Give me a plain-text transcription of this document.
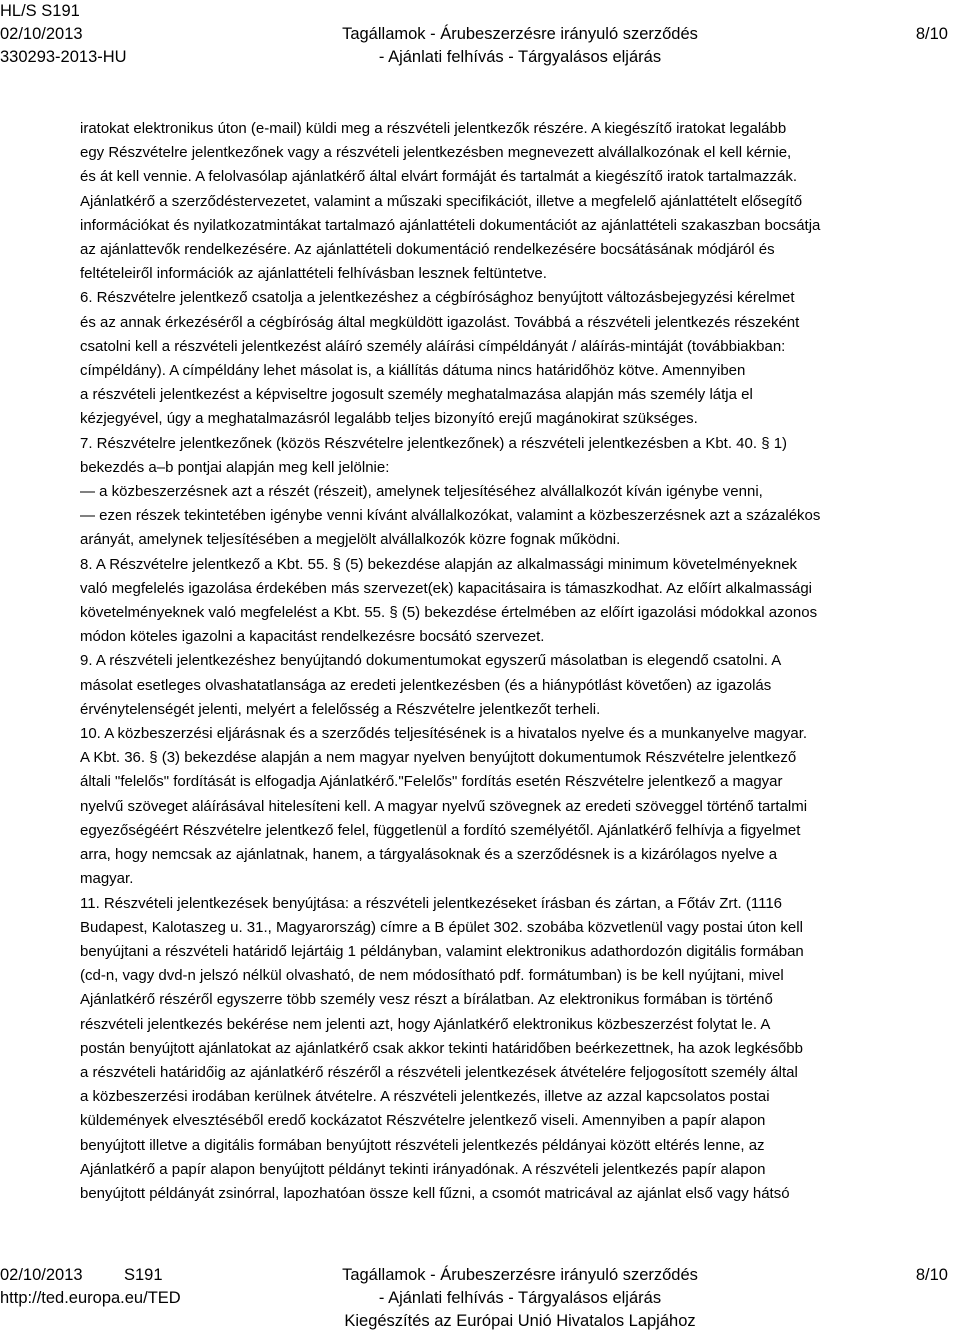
HL/S S191
02/10/2013
330293-2013-HU
Tagállamok - Árubeszerzésre irányuló szerződés
- Ajánlati felhívás - Tárgyalásos eljárás
8/10
iratokat elektronikus úton (e-mail) küldi meg a részvételi jelentkezők részére. A kiegészítő iratokat legalább
egy Részvételre jelentkezőnek vagy a részvételi jelentkezésben megnevezett alvállalkozónak el kell kérnie,
és át kell vennie. A felolvasólap ajánlatkérő által elvárt formáját és tartalmát a kiegészítő iratok tartalmazzák.
Ajánlatkérő a szerződéstervezetet, valamint a műszaki specifikációt, illetve a megfelelő ajánlattételt elősegítő
információkat és nyilatkozatmintákat tartalmazó ajánlattételi dokumentációt az ajánlattételi szakaszban bocsátja
az ajánlattevők rendelkezésére. Az ajánlattételi dokumentáció rendelkezésére bocsátásának módjáról és
feltételeiről információk az ajánlattételi felhívásban lesznek feltüntetve.
6. Részvételre jelentkező csatolja a jelentkezéshez a cégbírósághoz benyújtott változásbejegyzési kérelmet
és az annak érkezéséről a cégbíróság által megküldött igazolást. Továbbá a részvételi jelentkezés részeként
csatolni kell a részvételi jelentkezést aláíró személy aláírási címpéldányát / aláírás-mintáját (továbbiakban:
címpéldány). A címpéldány lehet másolat is, a kiállítás dátuma nincs határidőhöz kötve. Amennyiben
a részvételi jelentkezést a képviseltre jogosult személy meghatalmazása alapján más személy látja el
kézjegyével, úgy a meghatalmazásról legalább teljes bizonyító erejű magánokirat szükséges.
7. Részvételre jelentkezőnek (közös Részvételre jelentkezőnek) a részvételi jelentkezésben a Kbt. 40. § 1)
bekezdés a–b pontjai alapján meg kell jelölnie:
— a közbeszerzésnek azt a részét (részeit), amelynek teljesítéséhez alvállalkozót kíván igénybe venni,
— ezen részek tekintetében igénybe venni kívánt alvállalkozókat, valamint a közbeszerzésnek azt a százalékos
arányát, amelynek teljesítésében a megjelölt alvállalkozók közre fognak működni.
8. A Részvételre jelentkező a Kbt. 55. § (5) bekezdése alapján az alkalmassági minimum követelményeknek
való megfelelés igazolása érdekében más szervezet(ek) kapacitásaira is támaszkodhat. Az előírt alkalmassági
követelményeknek való megfelelést a Kbt. 55. § (5) bekezdése értelmében az előírt igazolási módokkal azonos
módon köteles igazolni a kapacitást rendelkezésre bocsátó szervezet.
9. A részvételi jelentkezéshez benyújtandó dokumentumokat egyszerű másolatban is elegendő csatolni. A
másolat esetleges olvashatatlansága az eredeti jelentkezésben (és a hiánypótlást követően) az igazolás
érvénytelenségét jelenti, melyért a felelősség a Részvételre jelentkezőt terheli.
10. A közbeszerzési eljárásnak és a szerződés teljesítésének is a hivatalos nyelve és a munkanyelve magyar.
A Kbt. 36. § (3) bekezdése alapján a nem magyar nyelven benyújtott dokumentumok Részvételre jelentkező
általi "felelős" fordítását is elfogadja Ajánlatkérő."Felelős" fordítás esetén Részvételre jelentkező a magyar
nyelvű szöveget aláírásával hitelesíteni kell. A magyar nyelvű szövegnek az eredeti szöveggel történő tartalmi
egyezőségéért Részvételre jelentkező felel, függetlenül a fordító személyétől. Ajánlatkérő felhívja a figyelmet
arra, hogy nemcsak az ajánlatnak, hanem, a tárgyalásoknak és a szerződésnek is a kizárólagos nyelve a
magyar.
11. Részvételi jelentkezések benyújtása: a részvételi jelentkezéseket írásban és zártan, a Főtáv Zrt. (1116
Budapest, Kalotaszeg u. 31., Magyarország) címre a B épület 302. szobába közvetlenül vagy postai úton kell
benyújtani a részvételi határidő lejártáig 1 példányban, valamint elektronikus adathordozón digitális formában
(cd-n, vagy dvd-n jelszó nélkül olvasható, de nem módosítható pdf. formátumban) is be kell nyújtani, mivel
Ajánlatkérő részéről egyszerre több személy vesz részt a bírálatban. Az elektronikus formában is történő
részvételi jelentkezés bekérése nem jelenti azt, hogy Ajánlatkérő elektronikus közbeszerzést folytat le. A
postán benyújtott ajánlatokat az ajánlatkérő csak akkor tekinti határidőben beérkezettnek, ha azok legkésőbb
a részvételi határidőig az ajánlatkérő részéről a részvételi jelentkezések átvételére feljogosított személy által
a közbeszerzési irodában kerülnek átvételre. A részvételi jelentkezés, illetve az azzal kapcsolatos postai
küldemények elvesztéséből eredő kockázatot Részvételre jelentkező viseli. Amennyiben a papír alapon
benyújtott illetve a digitális formában benyújtott részvételi jelentkezés példányai között eltérés lenne, az
Ajánlatkérő a papír alapon benyújtott példányt tekinti irányadónak. A részvételi jelentkezés papír alapon
benyújtott példányát zsinórral, lapozhatóan össze kell fűzni, a csomót matricával az ajánlat első vagy hátsó
02/10/2013	S191
http://ted.europa.eu/TED
Tagállamok - Árubeszerzésre irányuló szerződés
- Ajánlati felhívás - Tárgyalásos eljárás
Kiegészítés az Európai Unió Hivatalos Lapjához
8/10
